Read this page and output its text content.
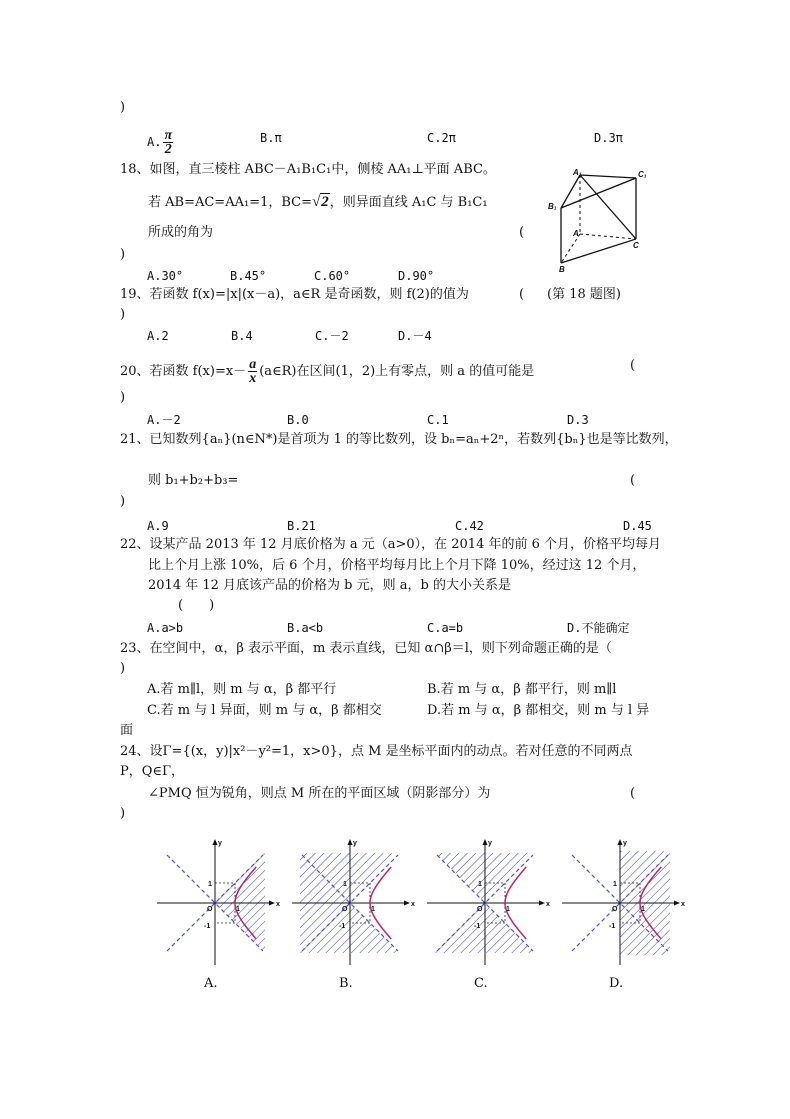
)
A. $\frac{\pi}{2}$	B.π	C.2π	D.3π
18、如图，直三棱柱 ABC－A₁B₁C₁中，侧棱 AA₁⊥平面 ABC。
若 AB=AC=AA₁=1，BC=√2，则异面直线 A₁C 与 B₁C₁
所成的角为	(
)
A.30°	B.45°	C.60°	D.90°
A₁	C₁
B₁
A
C
B
19、若函数 f(x)=|x|(x－a)，a∈R 是奇函数，则 f(2)的值为	( (第 18 题图)
)
A.2	B.4	C.－2	D.－4
20、若函数 $f(x)=x- \frac{a}{x}$ (a∈R)在区间(1，2)上有零点，则 a 的值可能是	(
)
A.－2	B.0	C.1	D.3
21、已知数列{aₙ}(n∈N*)是首项为 1 的等比数列，设 bₙ=aₙ+2ⁿ，若数列{bₙ}也是等比数列，
则 b₁+b₂+b₃=	(
)
A.9	B.21	C.42	D.45
22、设某产品 2013 年 12 月底价格为 a 元（a>0），在 2014 年的前 6 个月，价格平均每月
比上个月上涨 10%，后 6 个月，价格平均每月比上个月下降 10%，经过这 12 个月，
2014 年 12 月底该产品的价格为 b 元，则 a，b 的大小关系是
(　　)
A.a>b	B.a<b	C.a=b	D.不能确定
23、在空间中，α，β 表示平面，m 表示直线，已知 α∩β＝l，则下列命题正确的是（
)
A.若 m∥l，则 m 与 α，β 都平行	B.若 m 与 α，β 都平行，则 m∥l
C.若 m 与 l 异面，则 m 与 α，β 都相交	D.若 m 与 α，β 都相交，则 m 与 l 异
面
24、设Γ={(x，y)|x²－y²=1，x>0}，点 M 是坐标平面内的动点。若对任意的不同两点
P，Q∈Γ，
∠PMQ 恒为锐角，则点 M 所在的平面区域（阴影部分）为	(
)
x
y
O
1
-1
1
x
y
O
1
-1
1
x
y
O
1
-1
1
x
y
O
1
-1
1
A.	B.	C.	D.
